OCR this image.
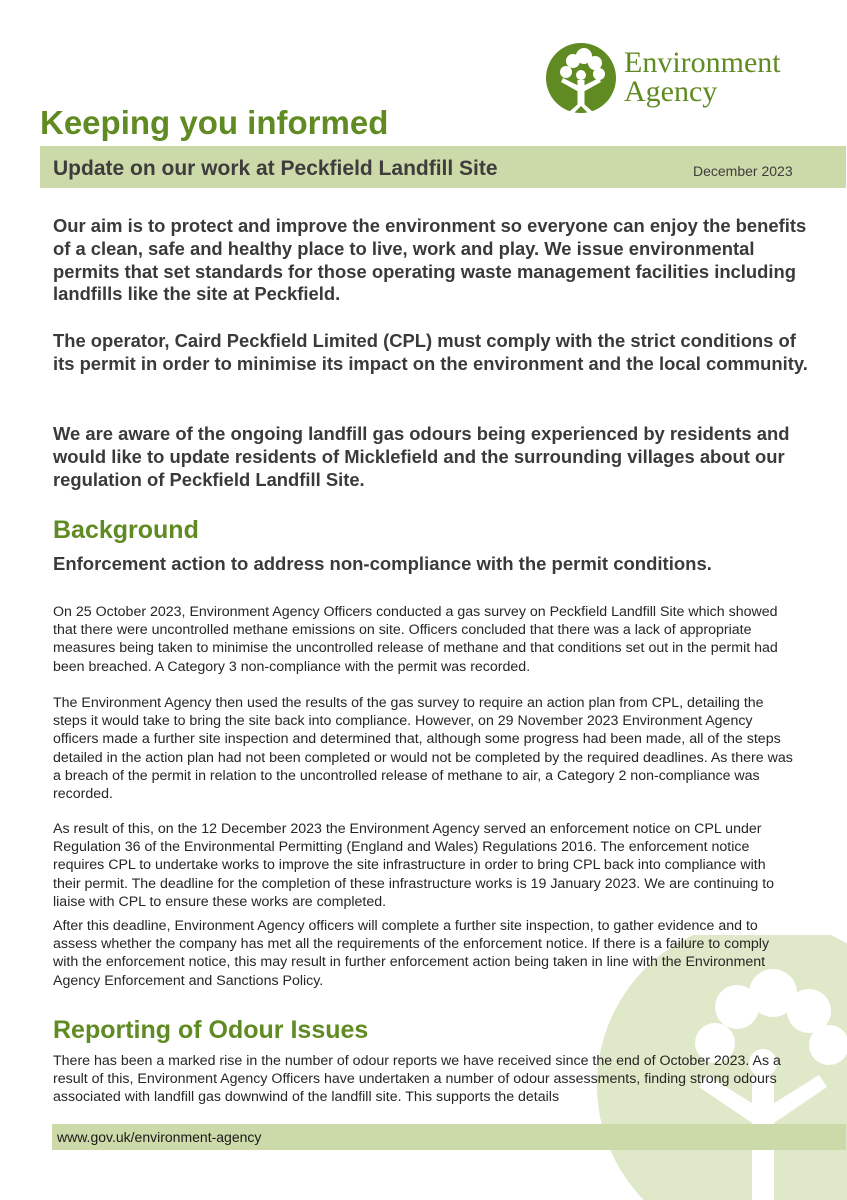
Environment
Agency
Keeping you informed
Update on our work at Peckfield Landfill Site	December 2023

Our aim is to protect and improve the environment so everyone can enjoy the benefits of a clean, safe and healthy place to live, work and play. We issue environmental permits that set standards for those operating waste management facilities including landfills like the site at Peckfield.

The operator, Caird Peckfield Limited (CPL) must comply with the strict conditions of its permit in order to minimise its impact on the environment and the local community.

We are aware of the ongoing landfill gas odours being experienced by residents and would like to update residents of Micklefield and the surrounding villages about our regulation of Peckfield Landfill Site.

Background

Enforcement action to address non-compliance with the permit conditions.

On 25 October 2023, Environment Agency Officers conducted a gas survey on Peckfield Landfill Site which showed that there were uncontrolled methane emissions on site. Officers concluded that there was a lack of appropriate measures being taken to minimise the uncontrolled release of methane and that conditions set out in the permit had been breached. A Category 3 non-compliance with the permit was recorded.

The Environment Agency then used the results of the gas survey to require an action plan from CPL, detailing the steps it would take to bring the site back into compliance. However, on 29 November 2023 Environment Agency officers made a further site inspection and determined that, although some progress had been made, all of the steps detailed in the action plan had not been completed or would not be completed by the required deadlines. As there was a breach of the permit in relation to the uncontrolled release of methane to air, a Category 2 non-compliance was recorded.

As result of this, on the 12 December 2023 the Environment Agency served an enforcement notice on CPL under Regulation 36 of the Environmental Permitting (England and Wales) Regulations 2016. The enforcement notice requires CPL to undertake works to improve the site infrastructure in order to bring CPL back into compliance with their permit. The deadline for the completion of these infrastructure works is 19 January 2023. We are continuing to liaise with CPL to ensure these works are completed.

After this deadline, Environment Agency officers will complete a further site inspection, to gather evidence and to assess whether the company has met all the requirements of the enforcement notice. If there is a failure to comply with the enforcement notice, this may result in further enforcement action being taken in line with the Environment Agency Enforcement and Sanctions Policy.

Reporting of Odour Issues

There has been a marked rise in the number of odour reports we have received since the end of October 2023. As a result of this, Environment Agency Officers have undertaken a number of odour assessments, finding strong odours associated with landfill gas downwind of the landfill site. This supports the details

www.gov.uk/environment-agency
